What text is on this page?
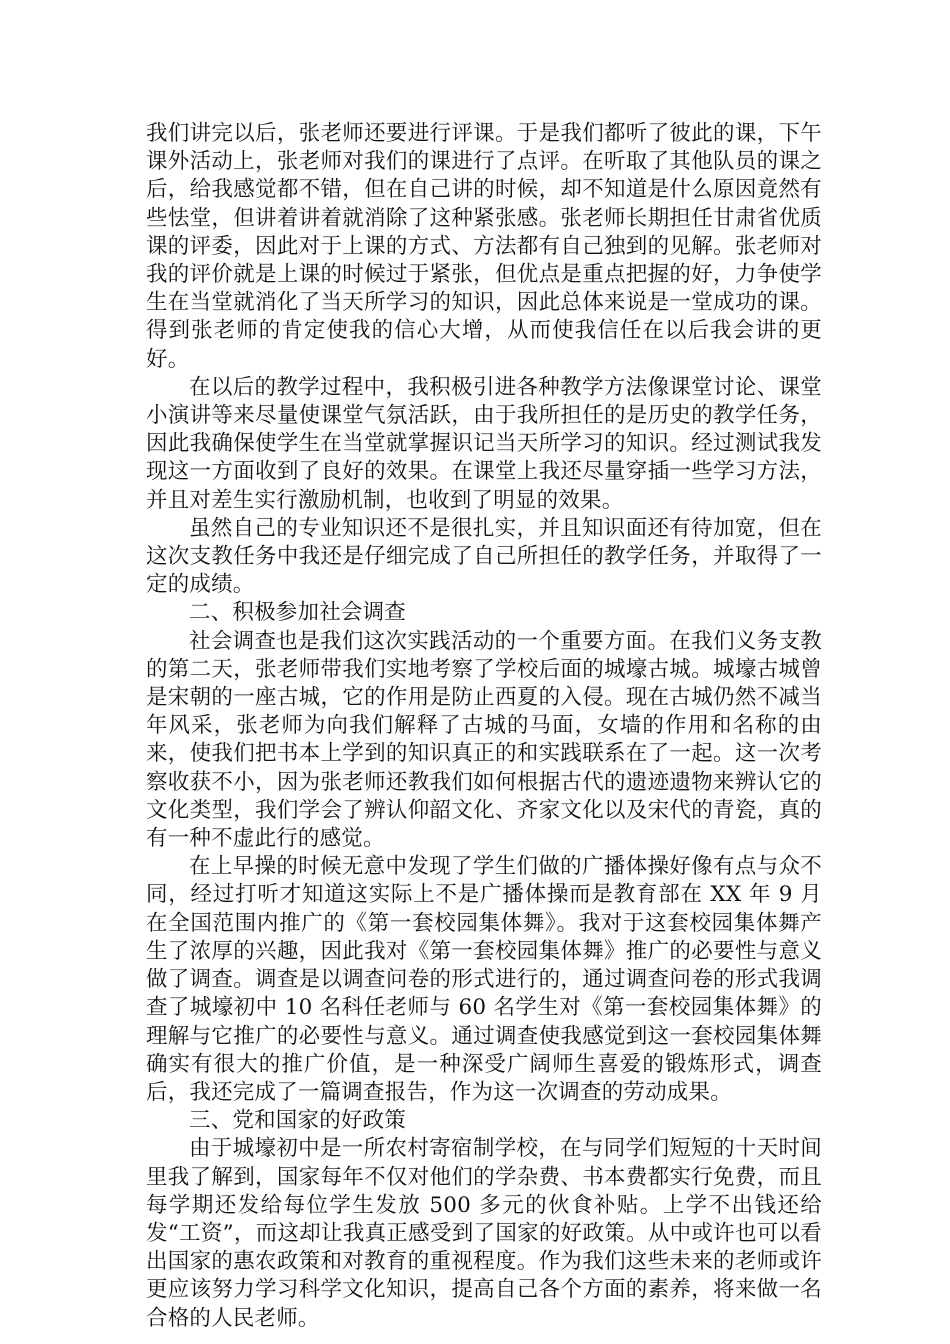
我们讲完以后，张老师还要进行评课。于是我们都听了彼此的课，下午课外活动上，张老师对我们的课进行了点评。在听取了其他队员的课之后，给我感觉都不错，但在自己讲的时候，却不知道是什么原因竟然有些怯堂，但讲着讲着就消除了这种紧张感。张老师长期担任甘肃省优质课的评委，因此对于上课的方式、方法都有自己独到的见解。张老师对我的评价就是上课的时候过于紧张，但优点是重点把握的好，力争使学生在当堂就消化了当天所学习的知识，因此总体来说是一堂成功的课。得到张老师的肯定使我的信心大增，从而使我信任在以后我会讲的更好。

在以后的教学过程中，我积极引进各种教学方法像课堂讨论、课堂小演讲等来尽量使课堂气氛活跃，由于我所担任的是历史的教学任务，因此我确保使学生在当堂就掌握识记当天所学习的知识。经过测试我发现这一方面收到了良好的效果。在课堂上我还尽量穿插一些学习方法，并且对差生实行激励机制，也收到了明显的效果。

虽然自己的专业知识还不是很扎实，并且知识面还有待加宽，但在这次支教任务中我还是仔细完成了自己所担任的教学任务，并取得了一定的成绩。

二、积极参加社会调查

社会调查也是我们这次实践活动的一个重要方面。在我们义务支教的第二天，张老师带我们实地考察了学校后面的城壕古城。城壕古城曾是宋朝的一座古城，它的作用是防止西夏的入侵。现在古城仍然不减当年风采，张老师为向我们解释了古城的马面，女墙的作用和名称的由来，使我们把书本上学到的知识真正的和实践联系在了一起。这一次考察收获不小，因为张老师还教我们如何根据古代的遗迹遗物来辨认它的文化类型，我们学会了辨认仰韶文化、齐家文化以及宋代的青瓷，真的有一种不虚此行的感觉。

在上早操的时候无意中发现了学生们做的广播体操好像有点与众不同，经过打听才知道这实际上不是广播体操而是教育部在 XX 年 9 月在全国范围内推广的《第一套校园集体舞》。我对于这套校园集体舞产生了浓厚的兴趣，因此我对《第一套校园集体舞》推广的必要性与意义做了调查。调查是以调查问卷的形式进行的，通过调查问卷的形式我调查了城壕初中 10 名科任老师与 60 名学生对《第一套校园集体舞》的理解与它推广的必要性与意义。通过调查使我感觉到这一套校园集体舞确实有很大的推广价值，是一种深受广阔师生喜爱的锻炼形式，调查后，我还完成了一篇调查报告，作为这一次调查的劳动成果。

三、党和国家的好政策

由于城壕初中是一所农村寄宿制学校，在与同学们短短的十天时间里我了解到，国家每年不仅对他们的学杂费、书本费都实行免费，而且每学期还发给每位学生发放 500 多元的伙食补贴。上学不出钱还给发“工资”，而这却让我真正感受到了国家的好政策。从中或许也可以看出国家的惠农政策和对教育的重视程度。作为我们这些未来的老师或许更应该努力学习科学文化知识，提高自己各个方面的素养，将来做一名合格的人民老师。
